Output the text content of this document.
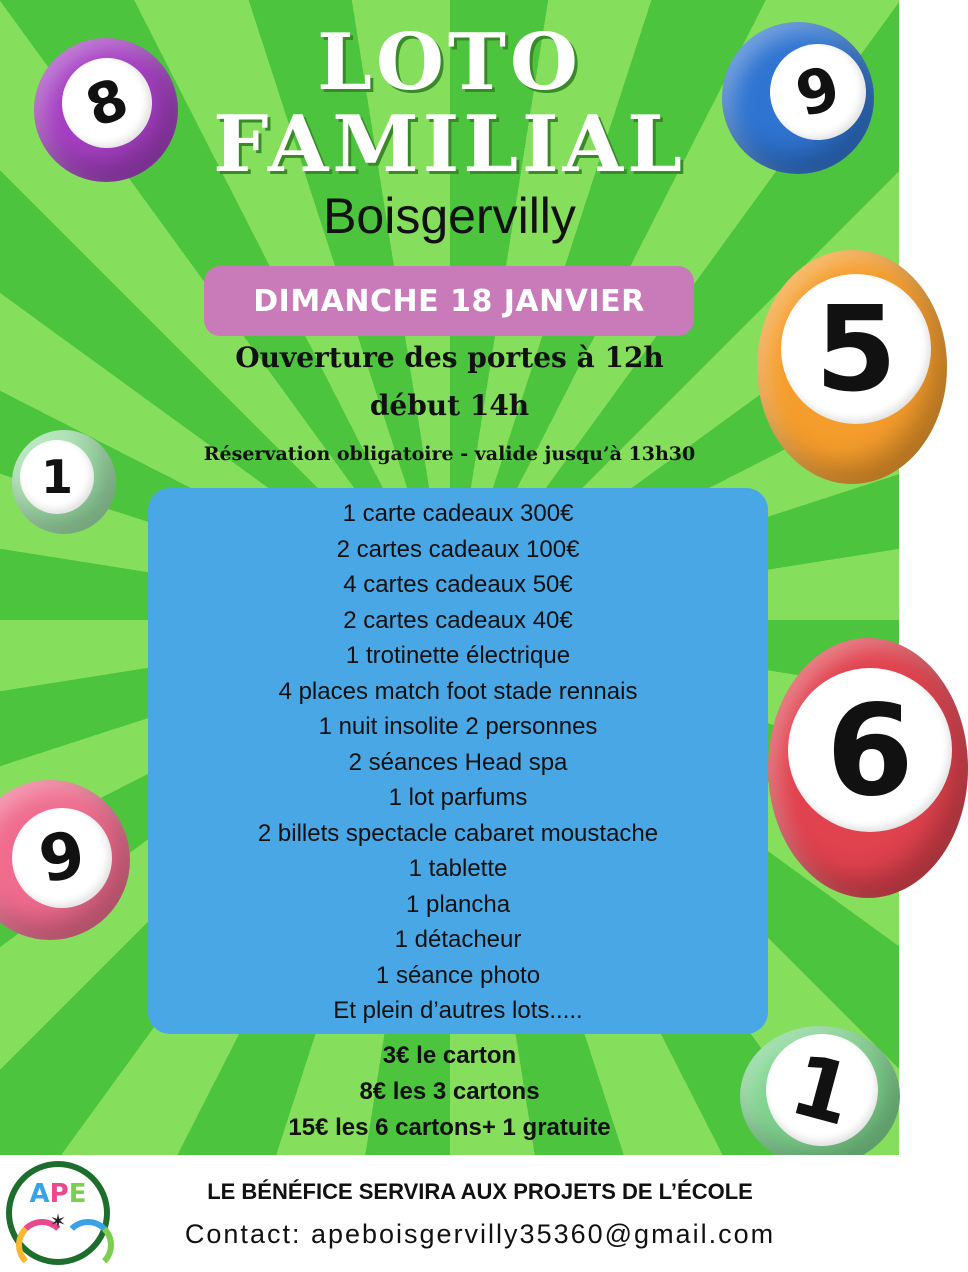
8	9
5
1
6
9
1
LOTO
FAMILIAL
Boisgervilly
DIMANCHE 18 JANVIER
Ouverture des portes à 12h
début 14h
Réservation obligatoire - valide jusqu’à 13h30
1 carte cadeaux 300€
2 cartes cadeaux 100€
4 cartes cadeaux 50€
2 cartes cadeaux 40€
1 trotinette électrique
4 places match foot stade rennais
1 nuit insolite 2 personnes
2 séances Head spa
1 lot parfums
2 billets spectacle cabaret moustache
1 tablette
1 plancha
1 détacheur
1 séance photo
Et plein d’autres lots.....
3€ le carton
8€ les 3 cartons
15€ les 6 cartons+ 1 gratuite
APE
✶
LE BÉNÉFICE SERVIRA AUX PROJETS DE L’ÉCOLE
Contact: apeboisgervilly35360@gmail.com
